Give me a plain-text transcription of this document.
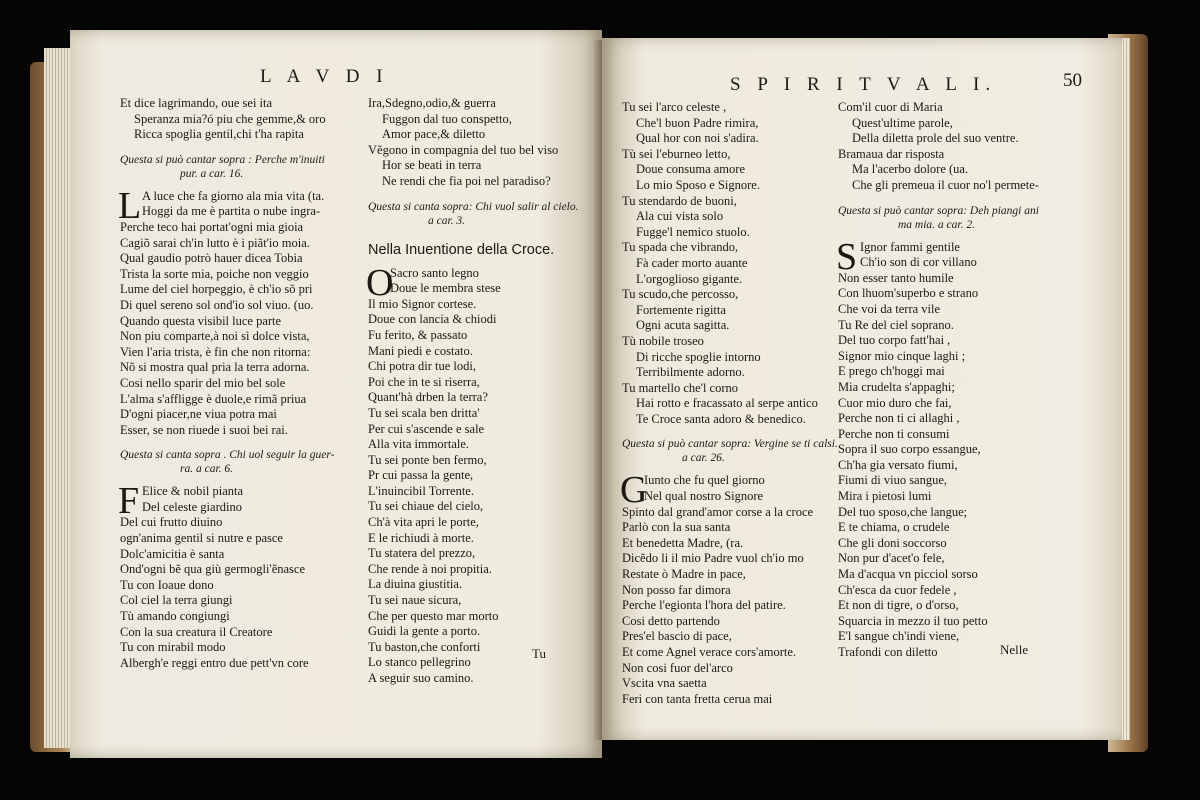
L A V D I
Et dice lagrimando, oue sei ita
Speranza mia?ó piu che gemme,& oro
Ricca spoglia gentil,chi t'ha rapita
Questa si può cantar sopra : Perche m'inuiti
pur. a car. 16.
L A luce che fa giorno ala mia vita (ta.
Hoggi da me è partita o nube ingra-
Perche teco hai portat'ogni mia gioia
Cagiõ sarai ch'in lutto è i piãt'io moia.
Qual gaudio potrò hauer dicea Tobia
Trista la sorte mia, poiche non veggio
Lume del ciel horpeggio, è ch'io sõ pri
Di quel sereno sol ond'io sol viuo. (uo.
Quando questa visibil luce parte
Non piu comparte,à noi sì dolce vista,
Vien l'aria trista, è fin che non ritorna:
Nõ si mostra qual pria la terra adorna.
Cosi nello sparir del mio bel sole
L'alma s'affligge è duole,e rimã priua
D'ogni piacer,ne viua potra mai
Esser, se non riuede i suoi bei rai.
Questa si canta sopra . Chi uol seguir la guer-
ra. a car. 6.
F Elice & nobil pianta
Del celeste giardino
Del cui frutto diuino
ogn'anima gentil si nutre e pasce
Dolc'amicitia è santa
Ond'ogni bẽ qua giù germogli'ẽnasce
Tu con Ioaue dono
Col ciel la terra giungi
Tù amando congiungi
Con la sua creatura il Creatore
Tu con mirabil modo
Albergh'e reggi entro due pett'vn core
Ira,Sdegno,odio,& guerra
Fuggon dal tuo conspetto,
Amor pace,& diletto
Vẽgono in compagnia del tuo bel viso
Hor se beati in terra
Ne rendi che fia poi nel paradiso?
Questa si canta sopra: Chi vuol salir al cielo.
a car. 3.
Nella Inuentione della Croce.
O
Sacro santo legno
Doue le membra stese
Il mio Signor cortese.
Doue con lancia & chiodi
Fu ferito, & passato
Mani piedi e costato.
Chi potra dir tue lodi,
Poi che in te si riserra,
Quant'hà drben la terra?
Tu sei scala ben dritta'
Per cui s'ascende e sale
Alla vita immortale.
Tu sei ponte ben fermo,
Pr cui passa la gente,
L'inuincibil Torrente.
Tu sei chiaue del cielo,
Ch'à vita apri le porte,
E le richiudi à morte.
Tu statera del prezzo,
Che rende à noi propitia.
La diuina giustitia.
Tu sei naue sicura,
Che per questo mar morto
Guidi la gente a porto.
Tu baston,che conforti
Lo stanco pellegrino
A seguir suo camino.
Tu
S P I R I T V A L I.	50
Tu sei l'arco celeste ,
Che'l buon Padre rimira,
Qual hor con noi s'adira.
Tù sei l'eburneo letto,
Doue consuma amore
Lo mio Sposo e Signore.
Tu stendardo de buoni,
Ala cui vista solo
Fugge'l nemico stuolo.
Tu spada che vibrando,
Fà cader morto auante
L'orgoglioso gigante.
Tu scudo,che percosso,
Fortemente rigitta
Ogni acuta sagitta.
Tù nobile troseo
Di ricche spoglie intorno
Terribilmente adorno.
Tu martello che'l corno
Hai rotto e fracassato al serpe antico
Te Croce santa adoro & benedico.
Questa si può cantar sopra: Vergine se ti calsi.
a car. 26.
G
Iunto che fu quel giorno
Nel qual nostro Signore
Spinto dal grand'amor corse a la croce
Parlò con la sua santa
Et benedetta Madre, (ra.
Dicẽdo li il mio Padre vuol ch'io mo
Restate ò Madre in pace,
Non posso far dimora
Perche l'egionta l'hora del patire.
Cosi detto partendo
Pres'el bascio di pace,
Et come Agnel verace cors'amorte.
Non cosi fuor del'arco
Vscita vna saetta
Feri con tanta fretta cerua mai
Com'il cuor di Maria
Quest'ultime parole,
Della diletta prole del suo ventre.
Bramaua dar risposta
Ma l'acerbo dolore (ua.
Che gli premeua il cuor no'l permete-
Questa si può cantar sopra: Deh piangi ani
ma mia. a car. 2.
S Ignor fammi gentile
Ch'io son di cor villano
Non esser tanto humile
Con lhuom'superbo e strano
Che voi da terra vile
Tu Re del ciel soprano.
Del tuo corpo fatt'hai ,
Signor mio cinque laghi ;
E prego ch'hoggi mai
Mia crudelta s'appaghi;
Cuor mio duro che fai,
Perche non ti ci allaghi ,
Perche non ti consumi
Sopra il suo corpo essangue,
Ch'ha gia versato fiumi,
Fiumi di viuo sangue,
Mira i pietosi lumi
Del tuo sposo,che langue;
E te chiama, o crudele
Che gli doni soccorso
Non pur d'acet'o fele,
Ma d'acqua vn picciol sorso
Ch'esca da cuor fedele ,
Et non di tigre, o d'orso,
Squarcia in mezzo il tuo petto
E'l sangue ch'indi viene,
Trafondi con diletto	Nelle
